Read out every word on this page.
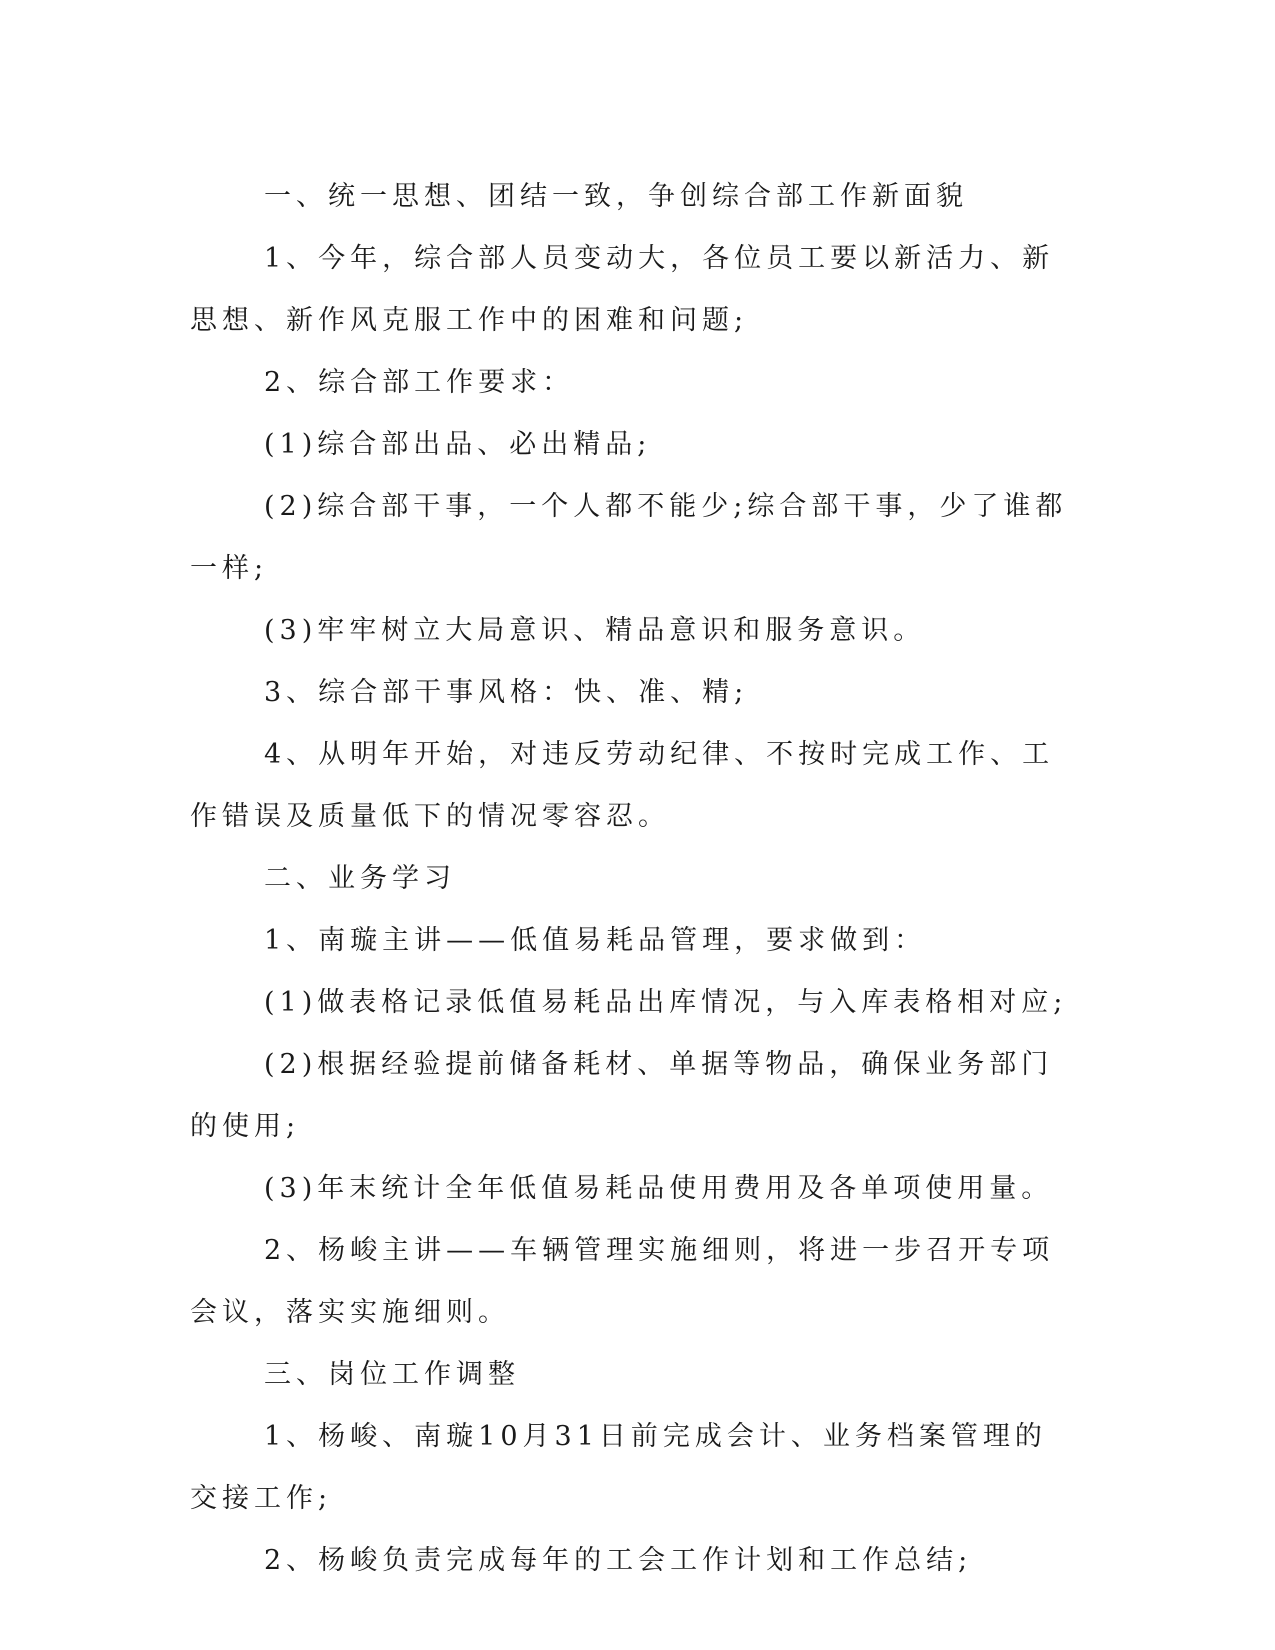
一、统一思想、团结一致，争创综合部工作新面貌

1、今年，综合部人员变动大，各位员工要以新活力、新思想、新作风克服工作中的困难和问题;

2、综合部工作要求：

(1)综合部出品、必出精品;

(2)综合部干事，一个人都不能少;综合部干事，少了谁都一样;

(3)牢牢树立大局意识、精品意识和服务意识。

3、综合部干事风格：快、准、精;

4、从明年开始，对违反劳动纪律、不按时完成工作、工作错误及质量低下的情况零容忍。

二、业务学习

1、南璇主讲——低值易耗品管理，要求做到：

(1)做表格记录低值易耗品出库情况，与入库表格相对应;

(2)根据经验提前储备耗材、单据等物品，确保业务部门的使用;

(3)年末统计全年低值易耗品使用费用及各单项使用量。

2、杨峻主讲——车辆管理实施细则，将进一步召开专项会议，落实实施细则。

三、岗位工作调整

1、杨峻、南璇10月31日前完成会计、业务档案管理的交接工作;

2、杨峻负责完成每年的工会工作计划和工作总结;
